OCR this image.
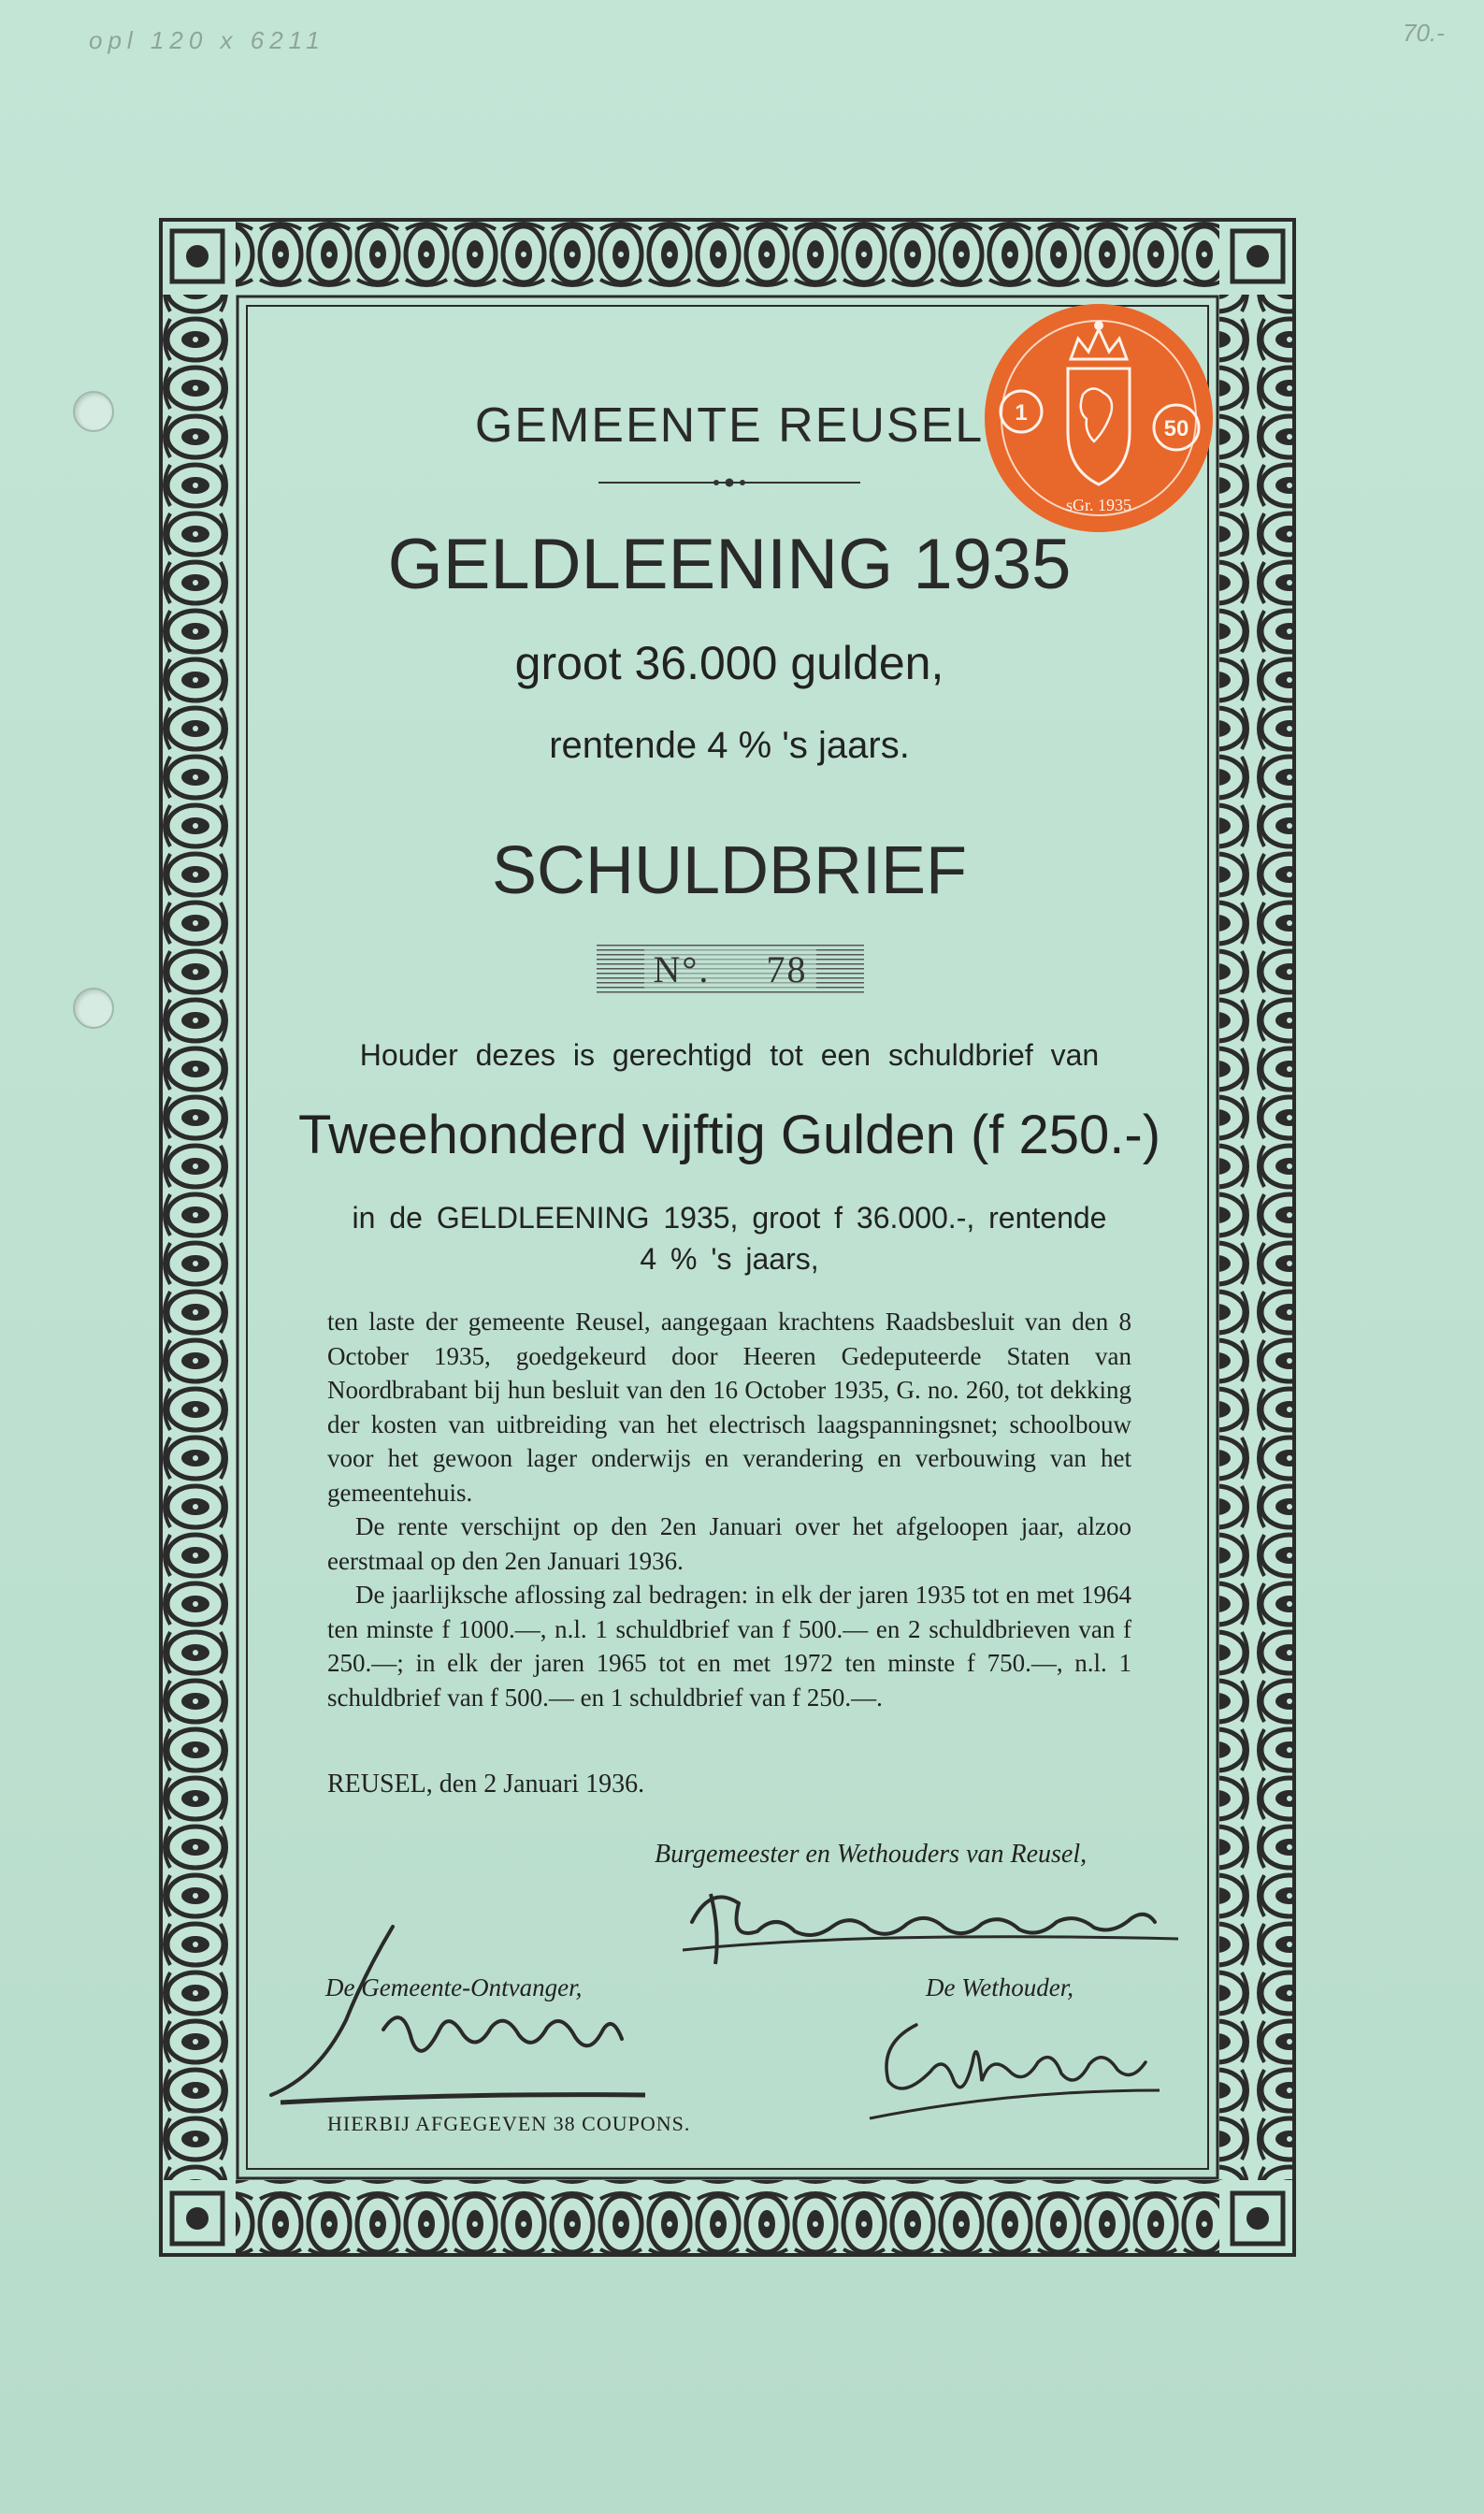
opl 120 x 6211	70.-
1
50
sGr. 1935
GEMEENTE REUSEL
GELDLEENING 1935
groot 36.000 gulden,
rentende 4 % 's jaars.
SCHULDBRIEF
N°. 78
Houder dezes is gerechtigd tot een schuldbrief van
Tweehonderd vijftig Gulden (f 250.-)
in de GELDLEENING 1935, groot f 36.000.-, rentende
4 % 's jaars,

ten laste der gemeente Reusel, aangegaan krachtens Raadsbesluit van den 8 October 1935, goedgekeurd door Heeren Gedeputeerde Staten van Noordbrabant bij hun besluit van den 16 October 1935, G. no. 260, tot dekking der kosten van uitbreiding van het electrisch laagspanningsnet; schoolbouw voor het gewoon lager onderwijs en verandering en verbouwing van het gemeentehuis.

De rente verschijnt op den 2en Januari over het afgeloopen jaar, alzoo eerstmaal op den 2en Januari 1936.

De jaarlijksche aflossing zal bedragen: in elk der jaren 1935 tot en met 1964 ten minste f 1000.—, n.l. 1 schuldbrief van f 500.— en 2 schuldbrieven van f 250.—; in elk der jaren 1965 tot en met 1972 ten minste f 750.—, n.l. 1 schuldbrief van f 500.— en 1 schuldbrief van f 250.—.

REUSEL, den 2 Januari 1936.
Burgemeester en Wethouders van Reusel,
De Gemeente-Ontvanger,	De Wethouder,
HIERBIJ AFGEGEVEN 38 COUPONS.
